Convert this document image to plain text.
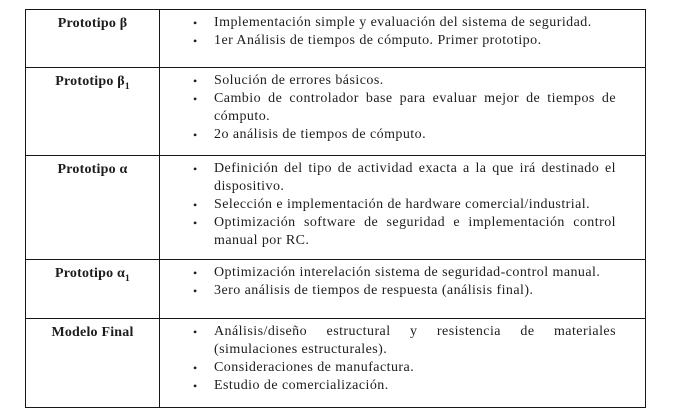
Prototipo β	•	Implementación simple y evaluación del sistema de seguridad.
•	1er Análisis de tiempos de cómputo. Primer prototipo.

Prototipo $\beta_1$	•	Solución de errores básicos.
•	Cambio de controlador base para evaluar mejor de tiempos de cómputo.
•	2o análisis de tiempos de cómputo.

Prototipo α	•	Definición del tipo de actividad exacta a la que irá destinado el dispositivo.
•	Selección e implementación de hardware comercial/industrial.
•	Optimización software de seguridad e implementación control manual por RC.

Prototipo $\alpha_1$	•	Optimización interelación sistema de seguridad-control manual.
•	3ero análisis de tiempos de respuesta (análisis final).

Modelo Final	•	Análisis/diseño estructural y resistencia de materiales (simulaciones estructurales).
•	Consideraciones de manufactura.
•	Estudio de comercialización.
